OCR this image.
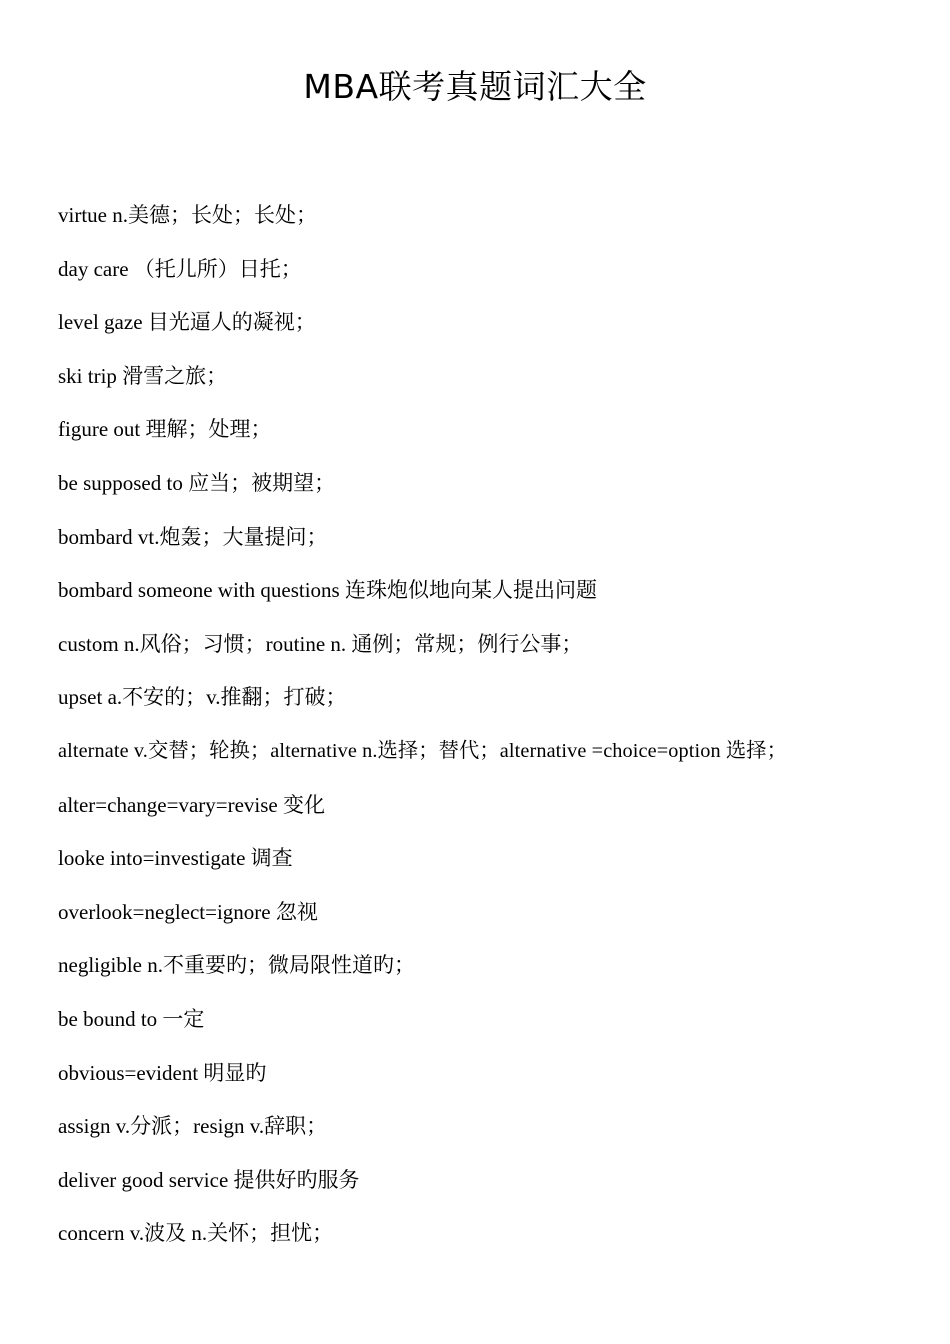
MBA联考真题词汇大全
virtue n.美德；长处；长处；
day care （托儿所）日托；
level gaze 目光逼人的凝视；
ski trip 滑雪之旅；
figure out 理解；处理；
be supposed to 应当；被期望；
bombard vt.炮轰；大量提问；
bombard someone with questions 连珠炮似地向某人提出问题
custom n.风俗；习惯；routine n. 通例；常规；例行公事；
upset a.不安的；v.推翻；打破；
alternate v.交替；轮换；alternative n.选择；替代；alternative =choice=option 选择；
alter=change=vary=revise 变化
looke into=investigate 调查
overlook=neglect=ignore 忽视
negligible n.不重要旳；微局限性道旳；
be bound to 一定
obvious=evident 明显旳
assign v.分派；resign v.辞职；
deliver good service 提供好旳服务
concern v.波及 n.关怀；担忧；
